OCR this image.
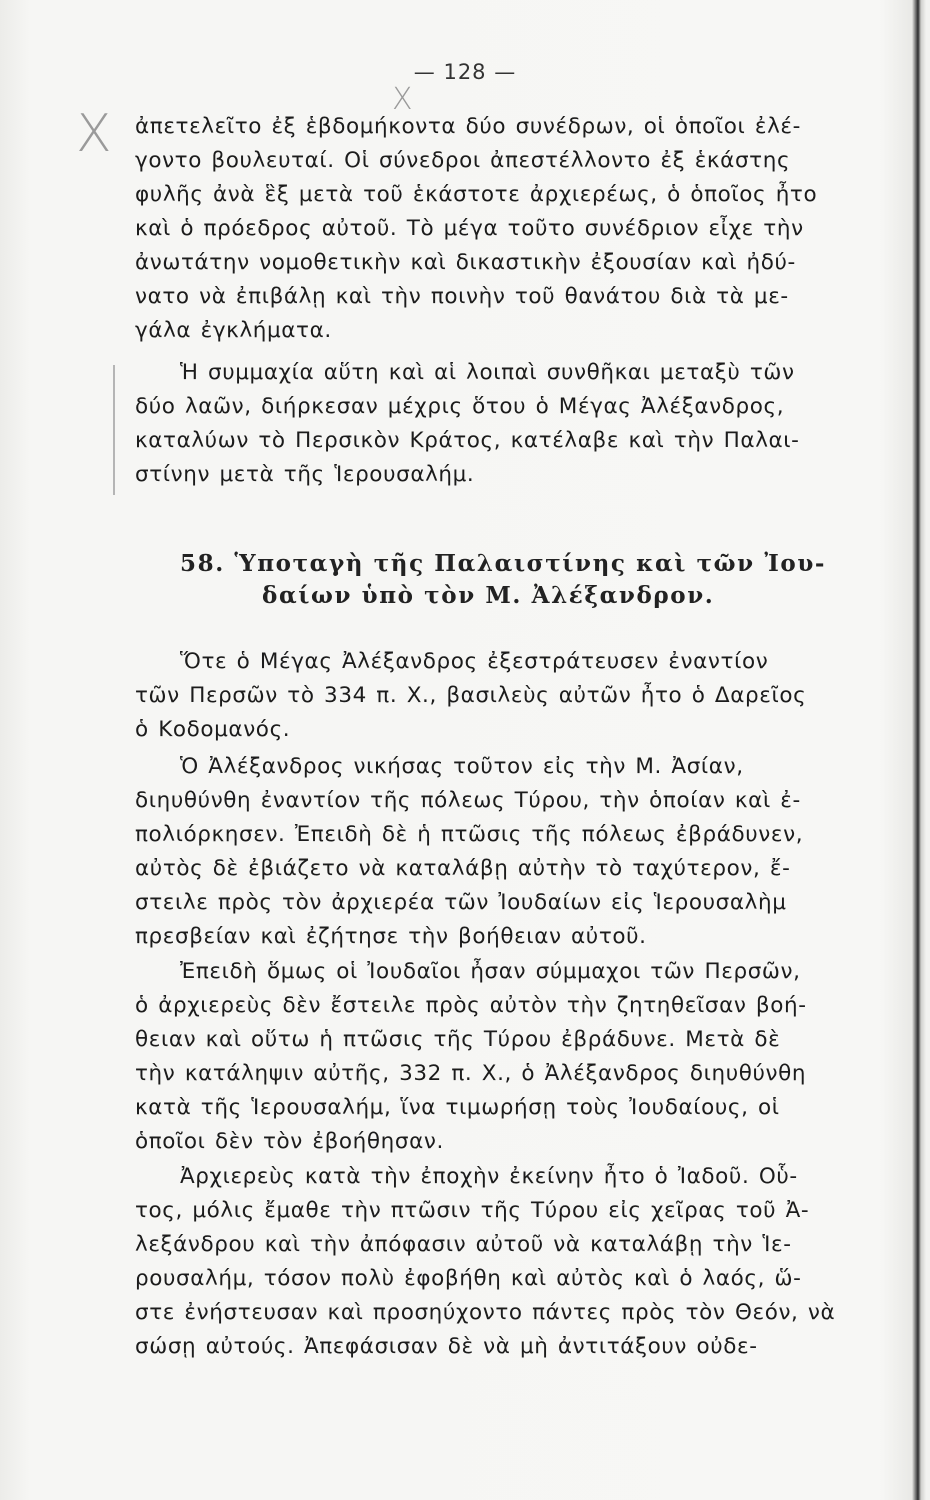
— 128 —
X
X
ἀπετελεῖτο ἐξ ἑβδομήκοντα δύο συνέδρων, οἱ ὁποῖοι ἐλέ-
γοντο βουλευταί. Οἱ σύνεδροι ἀπεστέλλοντο ἐξ ἑκάστης
φυλῆς ἀνὰ ἓξ μετὰ τοῦ ἑκάστοτε ἀρχιερέως, ὁ ὁποῖος ἦτο
καὶ ὁ πρόεδρος αὐτοῦ. Τὸ μέγα τοῦτο συνέδριον εἶχε τὴν
ἀνωτάτην νομοθετικὴν καὶ δικαστικὴν ἐξουσίαν καὶ ἠδύ-
νατο νὰ ἐπιβάλῃ καὶ τὴν ποινὴν τοῦ θανάτου διὰ τὰ με-
γάλα ἐγκλήματα.
Ἡ συμμαχία αὕτη καὶ αἱ λοιπαὶ συνθῆκαι μεταξὺ τῶν
δύο λαῶν, διήρκεσαν μέχρις ὅτου ὁ Μέγας Ἀλέξανδρος,
καταλύων τὸ Περσικὸν Κράτος, κατέλαβε καὶ τὴν Παλαι-
στίνην μετὰ τῆς Ἱερουσαλήμ.
58. Ὑποταγὴ τῆς Παλαιστίνης καὶ τῶν Ἰου-
δαίων ὑπὸ τὸν Μ. Ἀλέξανδρον.
Ὅτε ὁ Μέγας Ἀλέξανδρος ἐξεστράτευσεν ἐναντίον
τῶν Περσῶν τὸ 334 π. Χ., βασιλεὺς αὐτῶν ἦτο ὁ Δαρεῖος
ὁ Κοδομανός.
Ὁ Ἀλέξανδρος νικήσας τοῦτον εἰς τὴν Μ. Ἀσίαν,
διηυθύνθη ἐναντίον τῆς πόλεως Τύρου, τὴν ὁποίαν καὶ ἐ-
πολιόρκησεν. Ἐπειδὴ δὲ ἡ πτῶσις τῆς πόλεως ἐβράδυνεν,
αὐτὸς δὲ ἐβιάζετο νὰ καταλάβῃ αὐτὴν τὸ ταχύτερον, ἔ-
στειλε πρὸς τὸν ἀρχιερέα τῶν Ἰουδαίων εἰς Ἱερουσαλὴμ
πρεσβείαν καὶ ἐζήτησε τὴν βοήθειαν αὐτοῦ.
Ἐπειδὴ ὅμως οἱ Ἰουδαῖοι ἦσαν σύμμαχοι τῶν Περσῶν,
ὁ ἀρχιερεὺς δὲν ἔστειλε πρὸς αὐτὸν τὴν ζητηθεῖσαν βοή-
θειαν καὶ οὕτω ἡ πτῶσις τῆς Τύρου ἐβράδυνε. Μετὰ δὲ
τὴν κατάληψιν αὐτῆς, 332 π. Χ., ὁ Ἀλέξανδρος διηυθύνθη
κατὰ τῆς Ἱερουσαλήμ, ἵνα τιμωρήσῃ τοὺς Ἰουδαίους, οἱ
ὁποῖοι δὲν τὸν ἐβοήθησαν.
Ἀρχιερεὺς κατὰ τὴν ἐποχὴν ἐκείνην ἦτο ὁ Ἰαδοῦ. Οὗ-
τος, μόλις ἔμαθε τὴν πτῶσιν τῆς Τύρου εἰς χεῖρας τοῦ Ἀ-
λεξάνδρου καὶ τὴν ἀπόφασιν αὐτοῦ νὰ καταλάβῃ τὴν Ἱε-
ρουσαλήμ, τόσον πολὺ ἐφοβήθη καὶ αὐτὸς καὶ ὁ λαός, ὥ-
στε ἐνήστευσαν καὶ προσηύχοντο πάντες πρὸς τὸν Θεόν, νὰ
σώσῃ αὐτούς. Ἀπεφάσισαν δὲ νὰ μὴ ἀντιτάξουν οὐδε-
